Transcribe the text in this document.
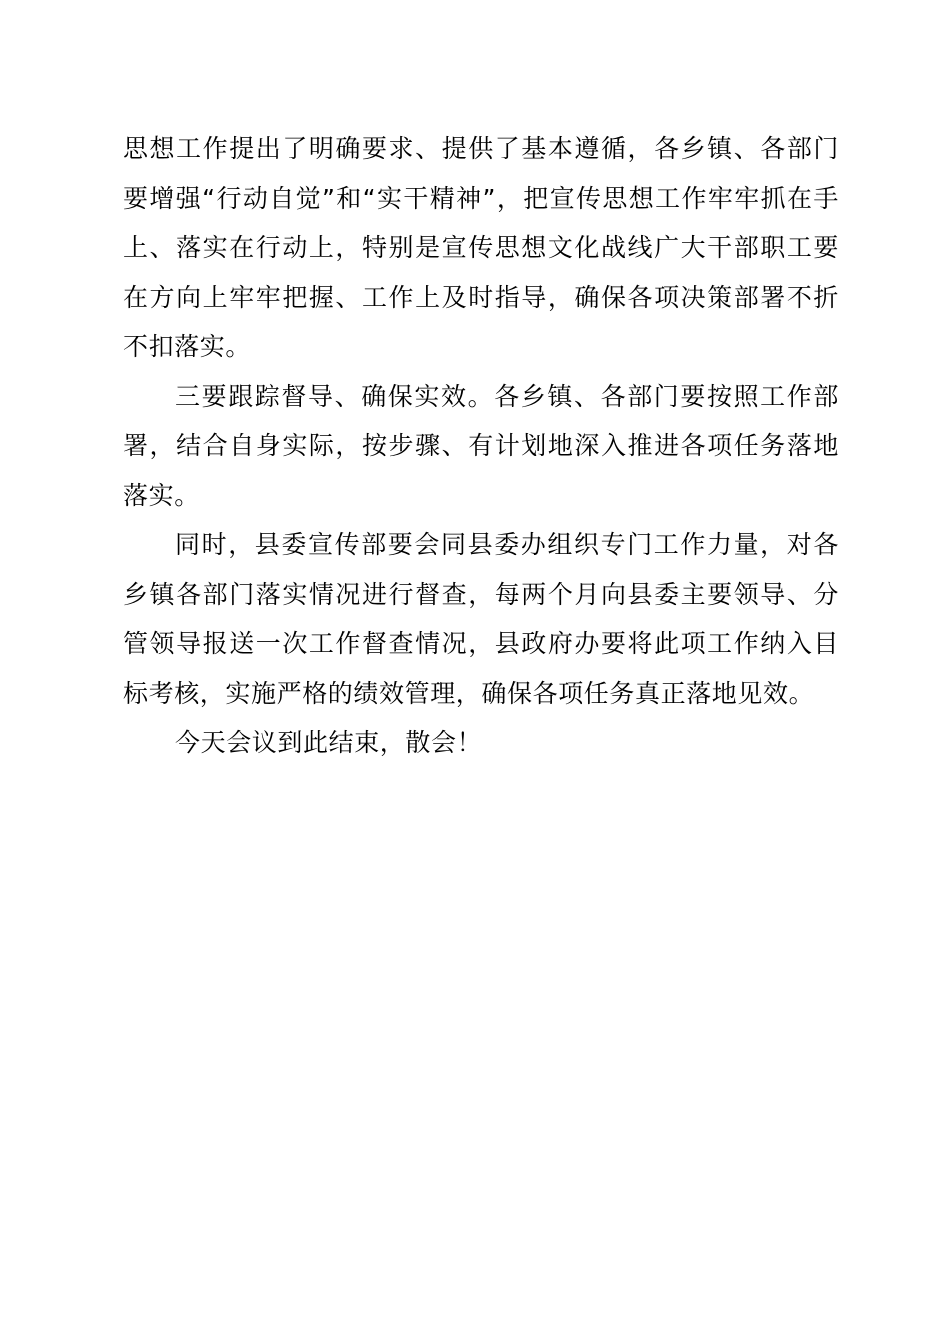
思想工作提出了明确要求、提供了基本遵循，各乡镇、各部门要增强“行动自觉”和“实干精神”，把宣传思想工作牢牢抓在手上、落实在行动上，特别是宣传思想文化战线广大干部职工要在方向上牢牢把握、工作上及时指导，确保各项决策部署不折不扣落实。

三要跟踪督导、确保实效。各乡镇、各部门要按照工作部署，结合自身实际，按步骤、有计划地深入推进各项任务落地落实。

同时，县委宣传部要会同县委办组织专门工作力量，对各乡镇各部门落实情况进行督查，每两个月向县委主要领导、分管领导报送一次工作督查情况，县政府办要将此项工作纳入目标考核，实施严格的绩效管理，确保各项任务真正落地见效。

今天会议到此结束，散会！
